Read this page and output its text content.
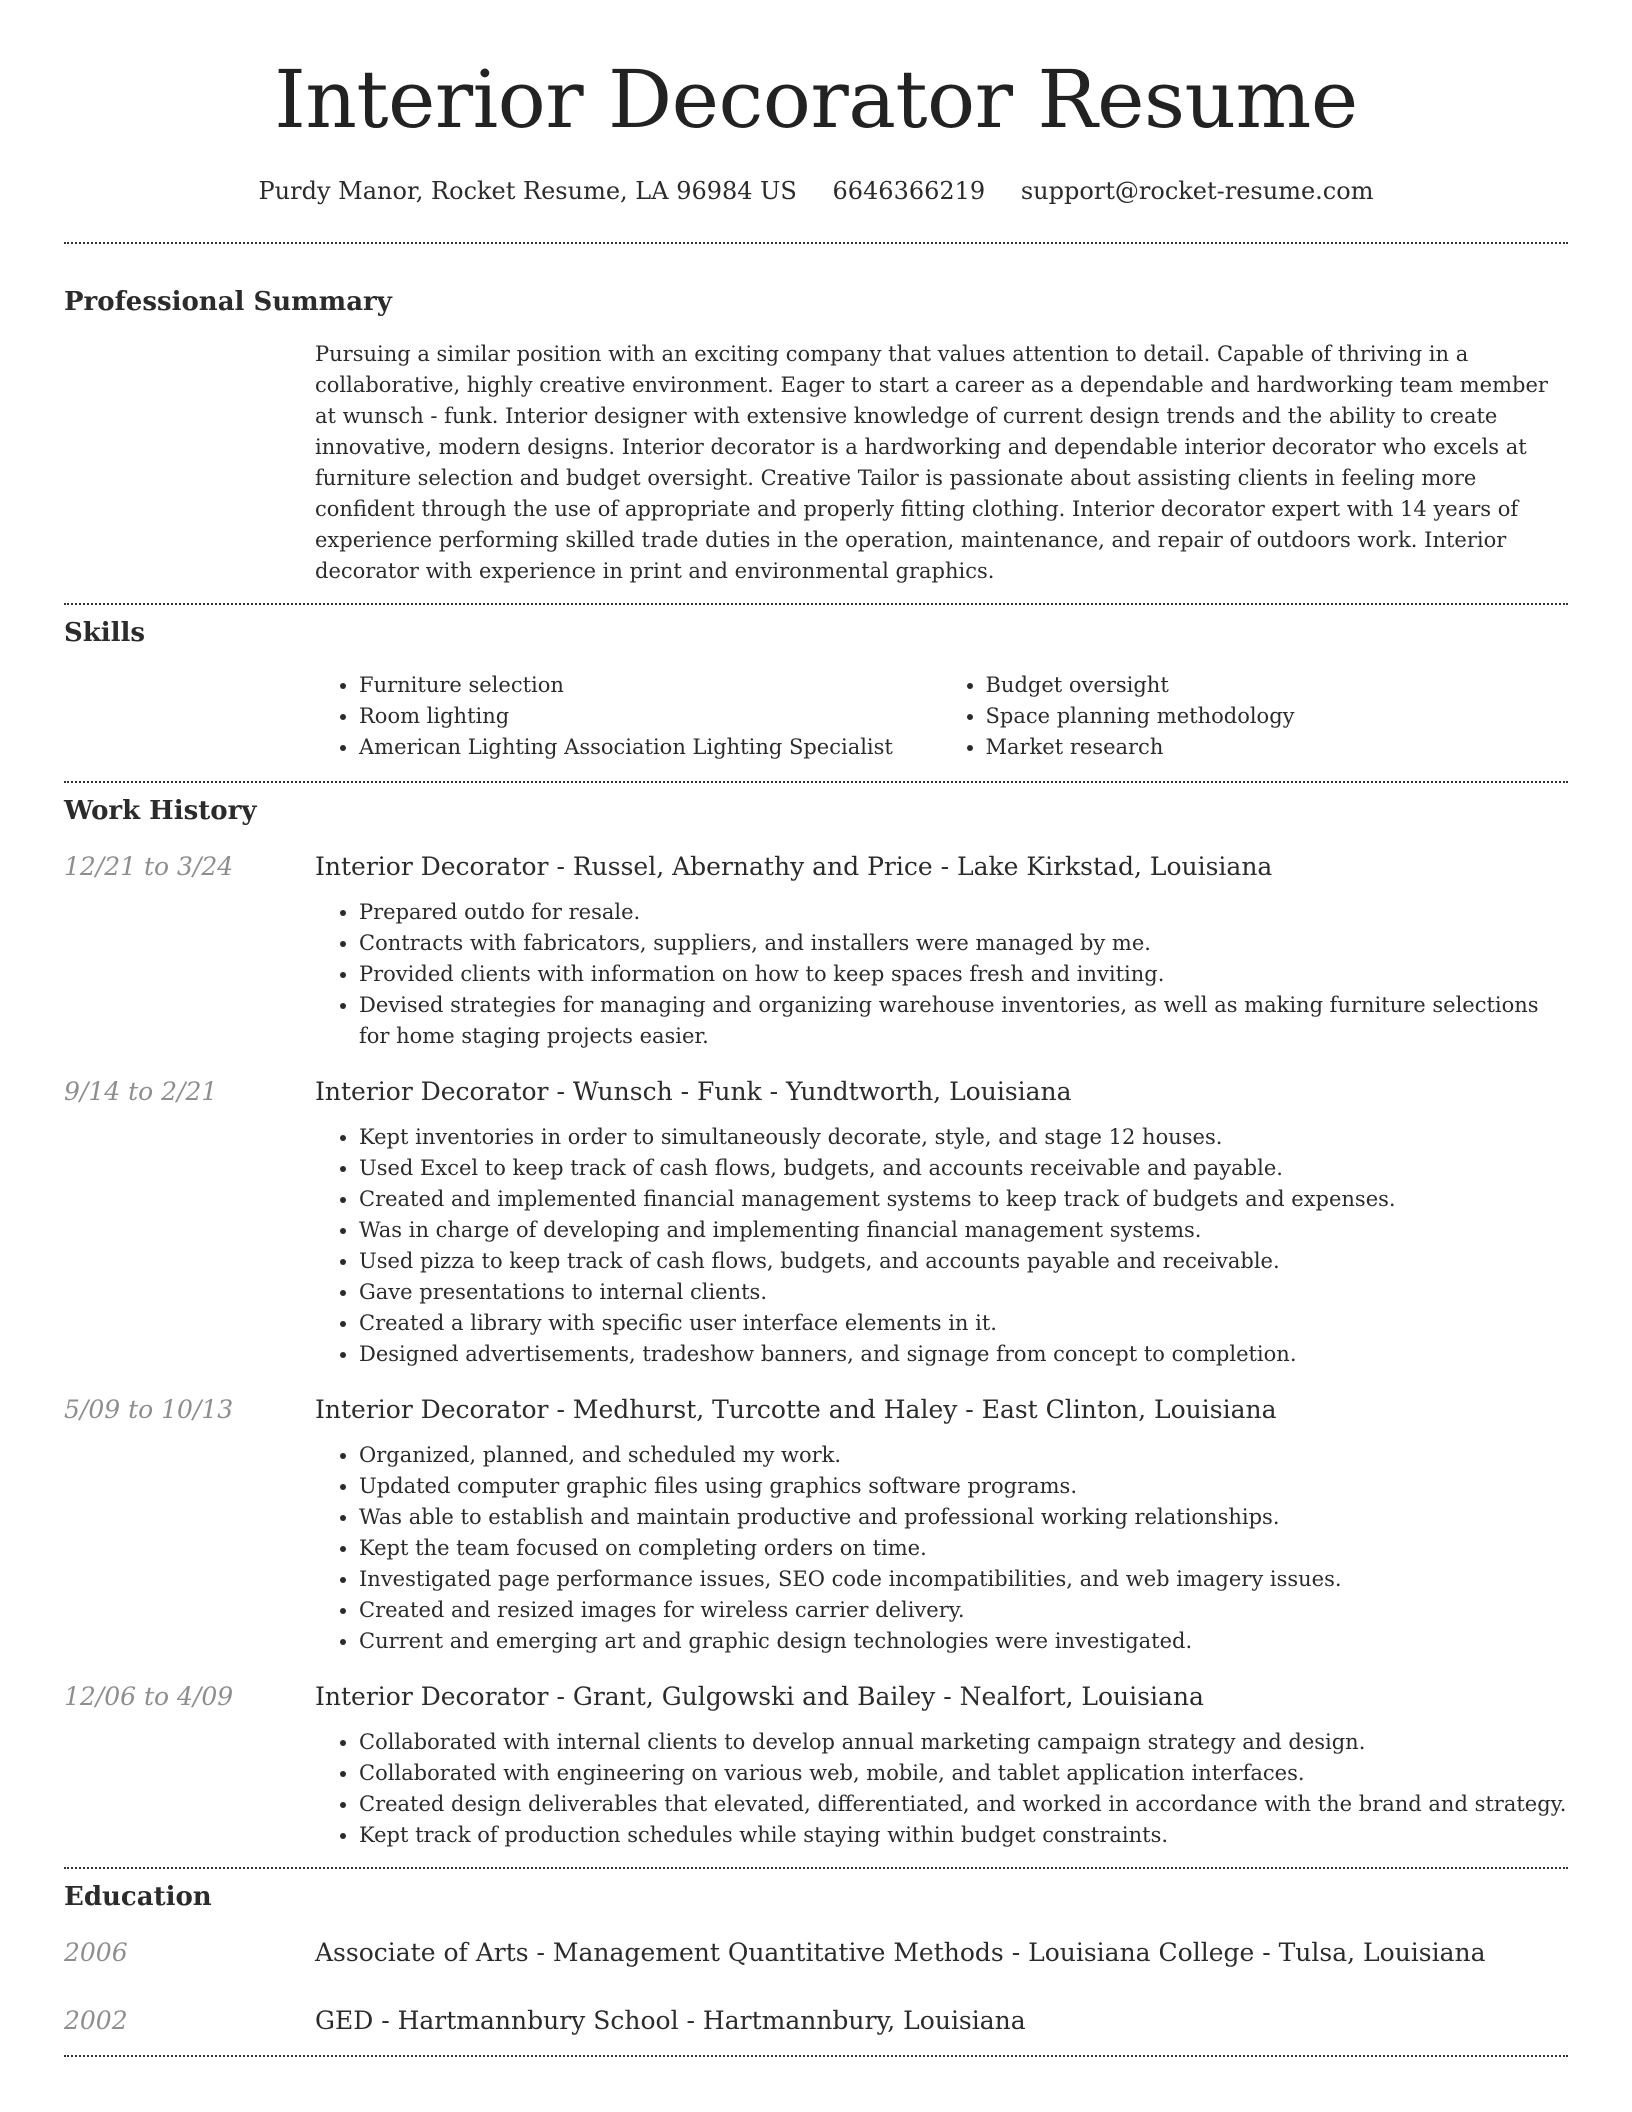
Interior Decorator Resume
Purdy Manor, Rocket Resume, LA 96984 US 6646366219 support@rocket-resume.com
Professional Summary

Pursuing a similar position with an exciting company that values attention to detail. Capable of thriving in a collaborative, highly creative environment. Eager to start a career as a dependable and hardworking team member at wunsch - funk. Interior designer with extensive knowledge of current design trends and the ability to create innovative, modern designs. Interior decorator is a hardworking and dependable interior decorator who excels at furniture selection and budget oversight. Creative Tailor is passionate about assisting clients in feeling more confident through the use of appropriate and properly fitting clothing. Interior decorator expert with 14 years of experience performing skilled trade duties in the operation, maintenance, and repair of outdoors work. Interior decorator with experience in print and environmental graphics.

Skills
• Furniture selection
• Room lighting
• American Lighting Association Lighting Specialist
• Budget oversight
• Space planning methodology
• Market research
Work History
12/21 to 3/24	Interior Decorator - Russel, Abernathy and Price - Lake Kirkstad, Louisiana
• Prepared outdo for resale.
• Contracts with fabricators, suppliers, and installers were managed by me.
• Provided clients with information on how to keep spaces fresh and inviting.
• Devised strategies for managing and organizing warehouse inventories, as well as making furniture selections for home staging projects easier.
9/14 to 2/21	Interior Decorator - Wunsch - Funk - Yundtworth, Louisiana
• Kept inventories in order to simultaneously decorate, style, and stage 12 houses.
• Used Excel to keep track of cash flows, budgets, and accounts receivable and payable.
• Created and implemented financial management systems to keep track of budgets and expenses.
• Was in charge of developing and implementing financial management systems.
• Used pizza to keep track of cash flows, budgets, and accounts payable and receivable.
• Gave presentations to internal clients.
• Created a library with specific user interface elements in it.
• Designed advertisements, tradeshow banners, and signage from concept to completion.
5/09 to 10/13	Interior Decorator - Medhurst, Turcotte and Haley - East Clinton, Louisiana
• Organized, planned, and scheduled my work.
• Updated computer graphic files using graphics software programs.
• Was able to establish and maintain productive and professional working relationships.
• Kept the team focused on completing orders on time.
• Investigated page performance issues, SEO code incompatibilities, and web imagery issues.
• Created and resized images for wireless carrier delivery.
• Current and emerging art and graphic design technologies were investigated.
12/06 to 4/09	Interior Decorator - Grant, Gulgowski and Bailey - Nealfort, Louisiana
• Collaborated with internal clients to develop annual marketing campaign strategy and design.
• Collaborated with engineering on various web, mobile, and tablet application interfaces.
• Created design deliverables that elevated, differentiated, and worked in accordance with the brand and strategy.
• Kept track of production schedules while staying within budget constraints.
Education
2006	Associate of Arts - Management Quantitative Methods - Louisiana College - Tulsa, Louisiana
2002	GED - Hartmannbury School - Hartmannbury, Louisiana
